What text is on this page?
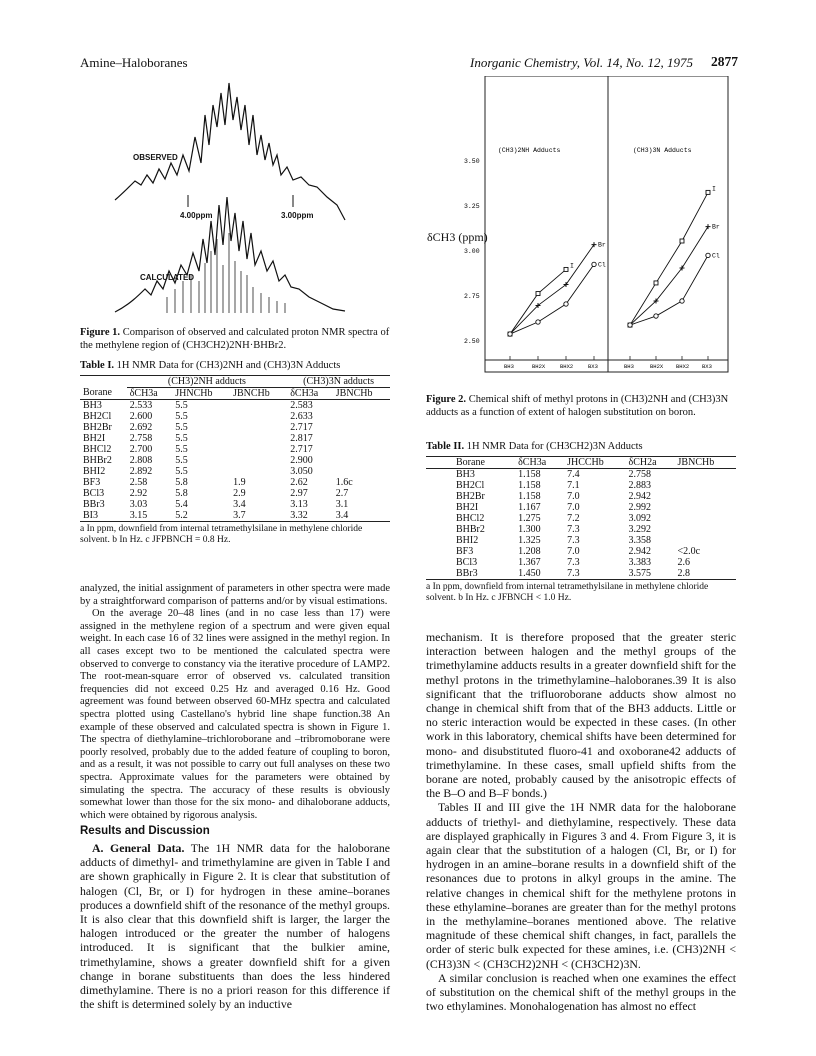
Amine–Haloboranes	Inorganic Chemistry, Vol. 14, No. 12, 1975 2877
OBSERVED
CALCULATED
4.00ppm	3.00ppm
Figure 1. Comparison of observed and calculated proton NMR spectra of the methylene region of (CH3CH2)2NH·BHBr2.
Table I. 1H NMR Data for (CH3)2NH and (CH3)3N Adducts
	(CH3)2NH adducts			(CH3)3N adducts	
Borane	δCH3a	JHNCHb	JBNCHb	δCH3a	JBNCHb
BH3	2.533	5.5		2.583	
BH2Cl	2.600	5.5		2.633	
BH2Br	2.692	5.5		2.717	
BH2I	2.758	5.5		2.817	
BHCl2	2.700	5.5		2.717	
BHBr2	2.808	5.5		2.900	
BHI2	2.892	5.5		3.050	
BF3	2.58	5.8	1.9	2.62	1.6c
BCl3	2.92	5.8	2.9	2.97	2.7
BBr3	3.03	5.4	3.4	3.13	3.1
BI3	3.15	5.2	3.7	3.32	3.4
a In ppm, downfield from internal tetramethylsilane in methylene chloride solvent. b In Hz. c JFPBNCH = 0.8 Hz.

analyzed, the initial assignment of parameters in other spectra were made by a straightforward comparison of patterns and/or by visual estimations.

On the average 20–48 lines (and in no case less than 17) were assigned in the methylene region of a spectrum and were given equal weight. In each case 16 of 32 lines were assigned in the methyl region. In all cases except two to be mentioned the calculated spectra were observed to converge to constancy via the iterative procedure of LAMP2. The root-mean-square error of observed vs. calculated transition frequencies did not exceed 0.25 Hz and averaged 0.16 Hz. Good agreement was found between observed 60-MHz spectra and calculated spectra plotted using Castellano's hybrid line shape function.38 An example of these observed and calculated spectra is shown in Figure 1. The spectra of diethylamine–trichloroborane and –tribromoborane were poorly resolved, probably due to the added feature of coupling to boron, and as a result, it was not possible to carry out full analyses on these two spectra. Approximate values for the parameters were obtained by simulating the spectra. The accuracy of these results is obviously somewhat lower than those for the six mono- and dihaloborane adducts, which were obtained by rigorous analysis.

Results and Discussion

A. General Data. The 1H NMR data for the haloborane adducts of dimethyl- and trimethylamine are given in Table I and are shown graphically in Figure 2. It is clear that substitution of halogen (Cl, Br, or I) for hydrogen in these amine–boranes produces a downfield shift of the resonance of the methyl groups. It is also clear that this downfield shift is larger, the larger the halogen introduced or the greater the number of halogens introduced. It is significant that the bulkier amine, trimethylamine, shows a greater downfield shift for a given change in borane substituents than does the less hindered dimethylamine. There is no a priori reason for this difference if the shift is determined solely by an inductive

(CH3)2NH Adducts	(CH3)3N Adducts
3.50
3.25
3.00
2.75
2.50
BH3	BH2X	BHX2	BX3	BH3	BH2X BHX2 BX3
I
Br
Cl
I
Br
Cl
δCH3 (ppm)
Figure 2. Chemical shift of methyl protons in (CH3)2NH and (CH3)3N adducts as a function of extent of halogen substitution on boron.
Table II. 1H NMR Data for (CH3CH2)3N Adducts
Borane	δCH3a	JHCCHb	δCH2a	JBNCHb
BH3	1.158	7.4	2.758	
BH2Cl	1.158	7.1	2.883	
BH2Br	1.158	7.0	2.942	
BH2I	1.167	7.0	2.992	
BHCl2	1.275	7.2	3.092	
BHBr2	1.300	7.3	3.292	
BHI2	1.325	7.3	3.358	
BF3	1.208	7.0	2.942	<2.0c
BCl3	1.367	7.3	3.383	2.6
BBr3	1.450	7.3	3.575	2.8
a In ppm, downfield from internal tetramethylsilane in methylene chloride solvent. b In Hz. c JFBNCH < 1.0 Hz.

mechanism. It is therefore proposed that the greater steric interaction between halogen and the methyl groups of the trimethylamine adducts results in a greater downfield shift for the methyl protons in the trimethylamine–haloboranes.39 It is also significant that the trifluoroborane adducts show almost no change in chemical shift from that of the BH3 adducts. Little or no steric interaction would be expected in these cases. (In other work in this laboratory, chemical shifts have been determined for mono- and disubstituted fluoro-41 and oxoborane42 adducts of trimethylamine. In these cases, small upfield shifts from the borane are noted, probably caused by the anisotropic effects of the B–O and B–F bonds.)

Tables II and III give the 1H NMR data for the haloborane adducts of triethyl- and diethylamine, respectively. These data are displayed graphically in Figures 3 and 4. From Figure 3, it is again clear that the substitution of a halogen (Cl, Br, or I) for hydrogen in an amine–borane results in a downfield shift of the resonances due to protons in alkyl groups in the amine. The relative changes in chemical shift for the methylene protons in these ethylamine–boranes are greater than for the methyl protons in the methylamine–boranes mentioned above. The relative magnitude of these chemical shift changes, in fact, parallels the order of steric bulk expected for these amines, i.e. (CH3)2NH < (CH3)3N < (CH3CH2)2NH < (CH3CH2)3N.

A similar conclusion is reached when one examines the effect of substitution on the chemical shift of the methyl groups in the two ethylamines. Monohalogenation has almost no effect
